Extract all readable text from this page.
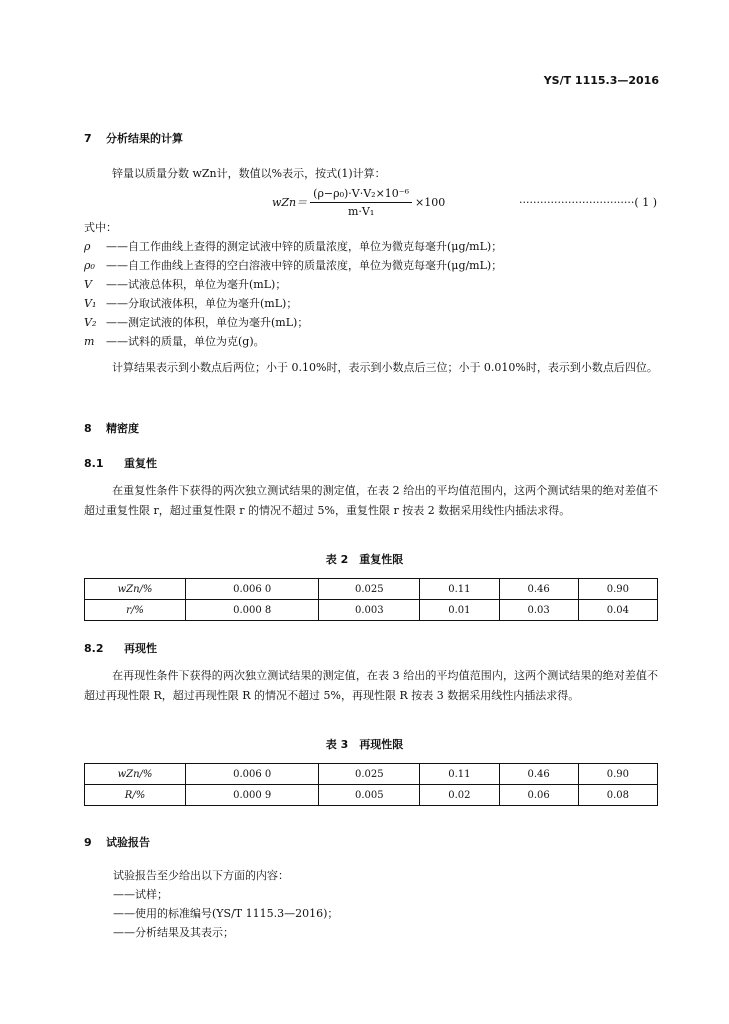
YS/T 1115.3—2016
7 分析结果的计算
锌量以质量分数 wZn计，数值以%表示，按式(1)计算：
$wZn= \frac{\text{(ρ−ρ₀)·V·V₂×10⁻⁶}}{\text{m·V₁}} \times 100$	·································( 1 )
式中：
ρ	——自工作曲线上查得的测定试液中锌的质量浓度，单位为微克每毫升(μg/mL)；
ρ₀	——自工作曲线上查得的空白溶液中锌的质量浓度，单位为微克每毫升(μg/mL)；
V	——试液总体积，单位为毫升(mL)；
V₁ ——分取试液体积，单位为毫升(mL)；
V₂ ——测定试液的体积，单位为毫升(mL)；
m	——试料的质量，单位为克(g)。
计算结果表示到小数点后两位；小于 0.10%时，表示到小数点后三位；小于 0.010%时，表示到小数点后四位。
8 精密度
8.1 重复性
在重复性条件下获得的两次独立测试结果的测定值，在表 2 给出的平均值范围内，这两个测试结果的绝对差值不超过重复性限 r，超过重复性限 r 的情况不超过 5%，重复性限 r 按表 2 数据采用线性内插法求得。
表 2　重复性限
wZn/%	0.006 0	0.025	0.11	0.46	0.90
r/%	0.000 8	0.003	0.01	0.03	0.04
8.2 再现性
在再现性条件下获得的两次独立测试结果的测定值，在表 3 给出的平均值范围内，这两个测试结果的绝对差值不超过再现性限 R，超过再现性限 R 的情况不超过 5%，再现性限 R 按表 3 数据采用线性内插法求得。
表 3　再现性限
wZn/%	0.006 0	0.025	0.11	0.46	0.90
R/%	0.000 9	0.005	0.02	0.06	0.08
9 试验报告
试验报告至少给出以下方面的内容：
——试样；
——使用的标准编号(YS/T 1115.3—2016)；
——分析结果及其表示；
